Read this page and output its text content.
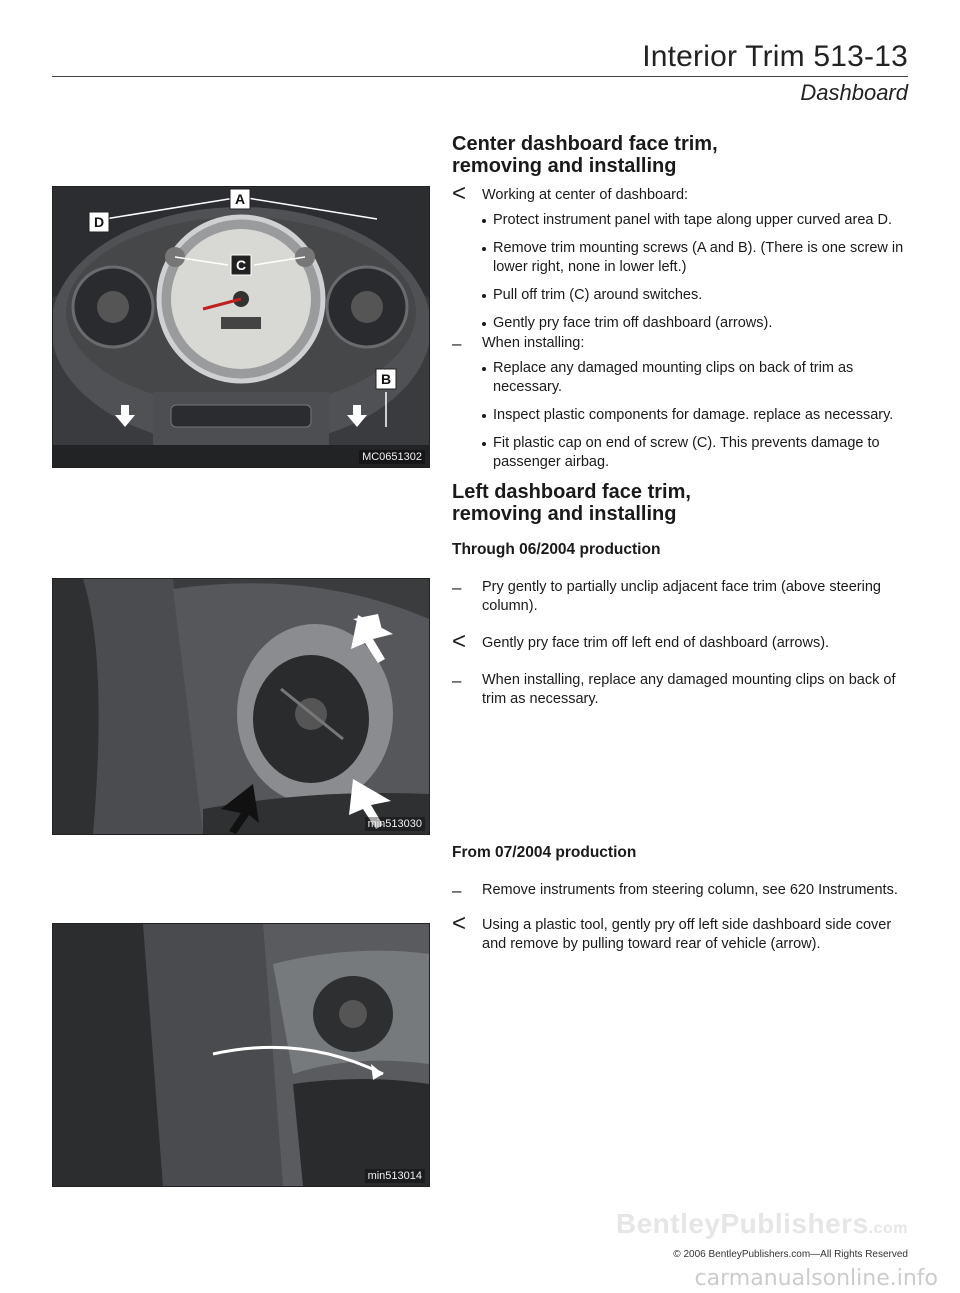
Interior Trim 513-13
Dashboard
A
B
C
D
MC0651302
min513030
min513014
Center dashboard face trim, removing and installing
<	Working at center of dashboard:
Protect instrument panel with tape along upper curved area D.
Remove trim mounting screws (A and B). (There is one screw in lower right, none in lower left.)
Pull off trim (C) around switches.
Gently pry face trim off dashboard (arrows).
–	When installing:
Replace any damaged mounting clips on back of trim as necessary.
Inspect plastic components for damage. replace as necessary.
Fit plastic cap on end of screw (C). This prevents damage to passenger airbag.
Left dashboard face trim, removing and installing
Through 06/2004 production
–	Pry gently to partially unclip adjacent face trim (above steering column).
<	Gently pry face trim off left end of dashboard (arrows).
–	When installing, replace any damaged mounting clips on back of trim as necessary.
From 07/2004 production
–	Remove instruments from steering column, see 620 Instruments.
<	Using a plastic tool, gently pry off left side dashboard side cover and remove by pulling toward rear of vehicle (arrow).
BentleyPublishers.com
© 2006 BentleyPublishers.com—All Rights Reserved
carmanualsonline.info
